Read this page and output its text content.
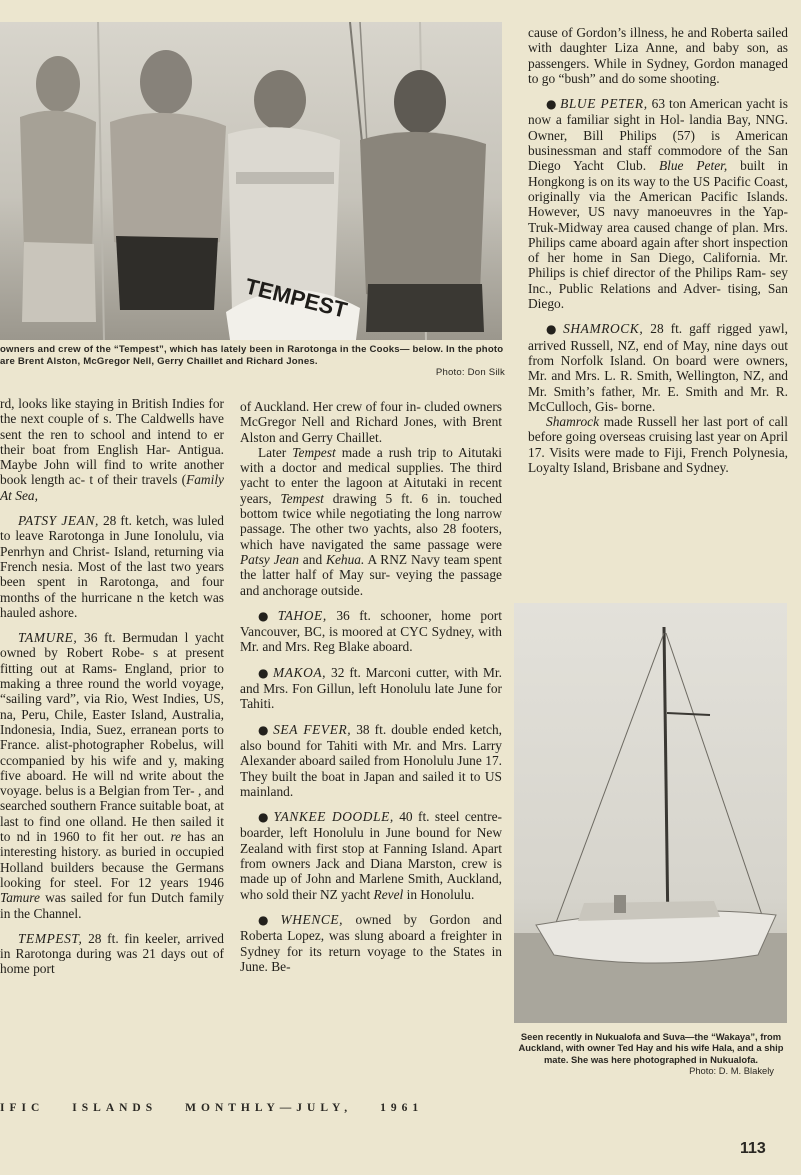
TEMPEST
owners and crew of the “Tempest”, which has lately been in Rarotonga in the Cooks— below. In the photo are Brent Alston, McGregor Nell, Gerry Chaillet and Richard Jones.
Photo: Don Silk

rd, looks like staying in British Indies for the next couple of s. The Caldwells have sent the ren to school and intend to er their boat from English Har- Antigua. Maybe John will find to write another book length ac- t of their travels (Family At Sea,

PATSY JEAN, 28 ft. ketch, was luled to leave Rarotonga in June Ionolulu, via Penrhyn and Christ- Island, returning via French nesia. Most of the last two years been spent in Rarotonga, and four months of the hurricane n the ketch was hauled ashore.

TAMURE, 36 ft. Bermudan l yacht owned by Robert Robe- s at present fitting out at Rams- England, prior to making a three round the world voyage, “sailing vard”, via Rio, West Indies, US, na, Peru, Chile, Easter Island, Australia, Indonesia, India, Suez, erranean ports to France. alist-photographer Robelus, will ccompanied by his wife and y, making five aboard. He will nd write about the voyage. belus is a Belgian from Ter- , and searched southern France suitable boat, at last to find one olland. He then sailed it to nd in 1960 to fit her out. re has an interesting history. as buried in occupied Holland builders because the Germans looking for steel. For 12 years 1946 Tamure was sailed for fun Dutch family in the Channel.

TEMPEST, 28 ft. fin keeler, arrived in Rarotonga during was 21 days out of home port

of Auckland. Her crew of four in- cluded owners McGregor Nell and Richard Jones, with Brent Alston and Gerry Chaillet.

Later Tempest made a rush trip to Aitutaki with a doctor and medical supplies. The third yacht to enter the lagoon at Aitutaki in recent years, Tempest drawing 5 ft. 6 in. touched bottom twice while negotiating the long narrow passage. The other two yachts, also 28 footers, which have navigated the same passage were Patsy Jean and Kehua. A RNZ Navy team spent the latter half of May sur- veying the passage and anchorage outside.

● TAHOE, 36 ft. schooner, home port Vancouver, BC, is moored at CYC Sydney, with Mr. and Mrs. Reg Blake aboard.

● MAKOA, 32 ft. Marconi cutter, with Mr. and Mrs. Fon Gillun, left Honolulu late June for Tahiti.

● SEA FEVER, 38 ft. double ended ketch, also bound for Tahiti with Mr. and Mrs. Larry Alexander aboard sailed from Honolulu June 17. They built the boat in Japan and sailed it to US mainland.

● YANKEE DOODLE, 40 ft. steel centre-boarder, left Honolulu in June bound for New Zealand with first stop at Fanning Island. Apart from owners Jack and Diana Marston, crew is made up of John and Marlene Smith, Auckland, who sold their NZ yacht Revel in Honolulu.

● WHENCE, owned by Gordon and Roberta Lopez, was slung aboard a freighter in Sydney for its return voyage to the States in June. Be-

cause of Gordon’s illness, he and Roberta sailed with daughter Liza Anne, and baby son, as passengers. While in Sydney, Gordon managed to go “bush” and do some shooting.

● BLUE PETER, 63 ton American yacht is now a familiar sight in Hol- landia Bay, NNG. Owner, Bill Philips (57) is American businessman and staff commodore of the San Diego Yacht Club. Blue Peter, built in Hongkong is on its way to the US Pacific Coast, originally via the American Pacific Islands. However, US navy manoeuvres in the Yap- Truk-Midway area caused change of plan. Mrs. Philips came aboard again after short inspection of her home in San Diego, California. Mr. Philips is chief director of the Philips Ram- sey Inc., Public Relations and Adver- tising, San Diego.

● SHAMROCK, 28 ft. gaff rigged yawl, arrived Russell, NZ, end of May, nine days out from Norfolk Island. On board were owners, Mr. and Mrs. L. R. Smith, Wellington, NZ, and Mr. Smith’s father, Mr. E. Smith and Mr. R. McCulloch, Gis- borne.

Shamrock made Russell her last port of call before going overseas cruising last year on April 17. Visits were made to Fiji, French Polynesia, Loyalty Island, Brisbane and Sydney.

Seen recently in Nukualofa and Suva—the “Wakaya”, from Auckland, with owner Ted Hay and his wife Hala, and a ship mate. She was here photographed in Nukualofa.
Photo: D. M. Blakely
IFIC ISLANDS MONTHLY—JULY, 1961
113
